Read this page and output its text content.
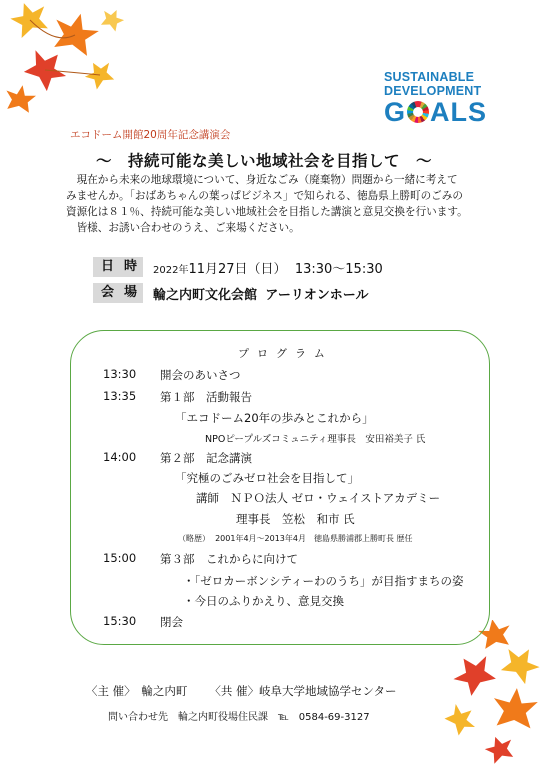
SUSTAINABLE
DEVELOPMENT
G ALS
エコドーム開館20周年記念講演会
～　持続可能な美しい地域社会を目指して　～

　現在から未来の地球環境について、身近なごみ（廃棄物）問題から一緒に考えて

みませんか。「おばあちゃんの葉っぱビジネス」で知られる、徳島県上勝町のごみの

資源化は８１％、持続可能な美しい地域社会を目指した講演と意見交換を行います。

　皆様、お誘い合わせのうえ、ご来場ください。

日時 2022年11月27日（日） 13:30～15:30
会場 輪之内町文化会館 アーリオンホール
プログラム
13:30 開会のあいさつ
13:35 第１部　活動報告
「エコドーム20年の歩みとこれから」
NPOピープルズコミュニティ理事長　安田裕美子 氏
14:00 第２部　記念講演
「究極のごみゼロ社会を目指して」
講師　ＮＰＯ法人 ゼロ・ウェイストアカデミー
理事長　笠松　和市 氏
（略歴） 2001年4月～2013年4月　徳島県勝浦郡上勝町長 歴任
15:00 第３部　これからに向けて
・「ゼロカーボンシティーわのうち」が目指すまちの姿
・今日のふりかえり、意見交換
15:30 閉会
〈主 催〉　輪之内町 〈共 催〉岐阜大学地域協学センター
問い合わせ先　輪之内町役場住民課　℡　0584-69-3127
